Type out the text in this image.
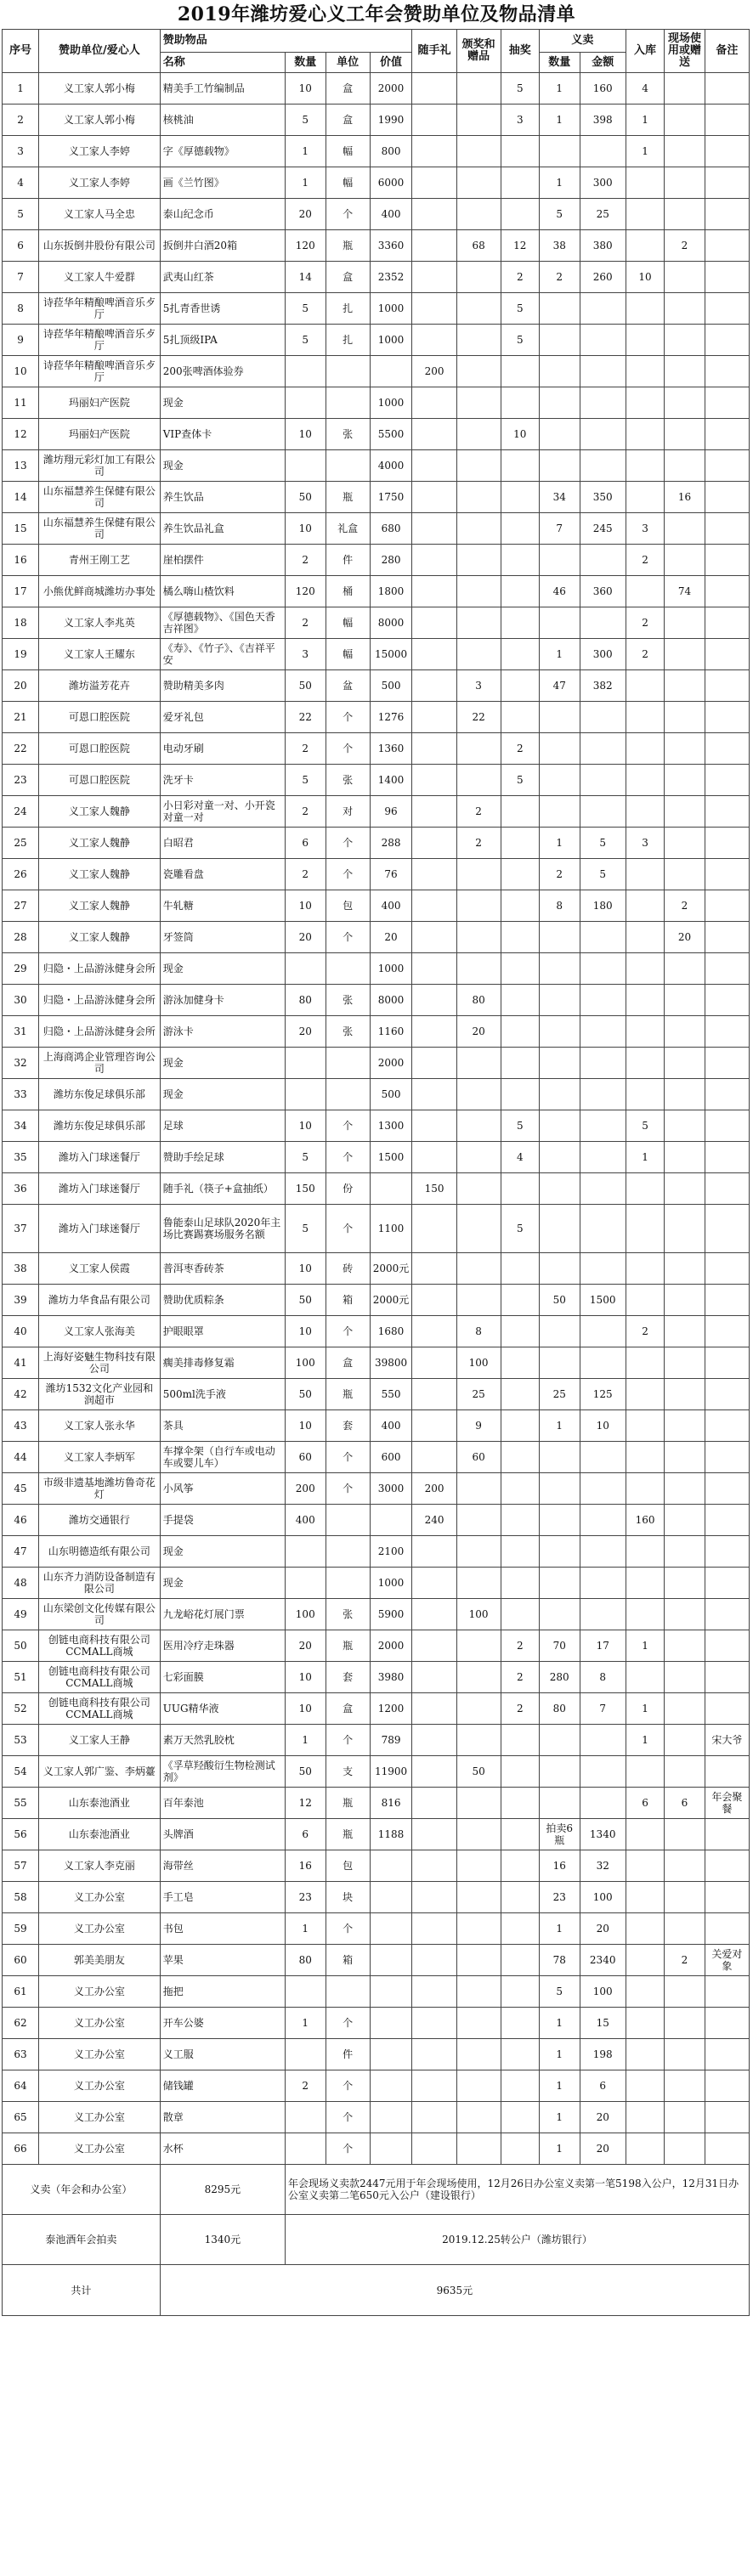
2019年潍坊爱心义工年会赞助单位及物品清单
序号	赞助单位/爱心人	赞助物品				随手礼	颁奖和赠品	抽奖	义卖		入库	现场使用或赠送	备注
		名称	数量	单位	价值				数量	金额			
1	义工家人郭小梅	精美手工竹编制品	10	盒	2000			5	1	160	4		
2	义工家人郭小梅	核桃油	5	盒	1990			3	1	398	1		
3	义工家人李婷	字《厚德载物》	1	幅	800						1		
4	义工家人李婷	画《兰竹图》	1	幅	6000				1	300			
5	义工家人马全忠	泰山纪念币	20	个	400				5	25			
6	山东扳倒井股份有限公司	扳倒井白酒20箱	120	瓶	3360		68	12	38	380		2	
7	义工家人牛爱群	武夷山红茶	14	盒	2352			2	2	260	10		
8	诗菈华年精酿啤酒音乐歺厅	5扎青香世诱	5	扎	1000			5					
9	诗菈华年精酿啤酒音乐歺厅	5扎顶级IPA	5	扎	1000			5					
10	诗菈华年精酿啤酒音乐歺厅	200张啤酒体验券				200							
11	玛丽妇产医院	现金			1000								
12	玛丽妇产医院	VIP查体卡	10	张	5500			10					
13	潍坊翔元彩灯加工有限公司	现金			4000								
14	山东福慧养生保健有限公司	养生饮品	50	瓶	1750				34	350		16	
15	山东福慧养生保健有限公司	养生饮品礼盒	10	礼盒	680				7	245	3		
16	青州王刚工艺	崖柏摆件	2	件	280						2		
17	小熊优鲜商城潍坊办事处	橘么嗨山楂饮料	120	桶	1800				46	360		74	
18	义工家人李兆英	《厚德载物》、《国色天香吉祥图》	2	幅	8000						2		
19	义工家人王耀东	《寿》、《竹子》、《吉祥平安	3	幅	15000				1	300	2		
20	潍坊溢芳花卉	赞助精美多肉	50	盆	500		3		47	382			
21	可恩口腔医院	爱牙礼包	22	个	1276		22						
22	可恩口腔医院	电动牙刷	2	个	1360			2					
23	可恩口腔医院	洗牙卡	5	张	1400			5					
24	义工家人魏静	小日彩对童一对、小开瓷对童一对	2	对	96		2						
25	义工家人魏静	白昭君	6	个	288		2		1	5	3		
26	义工家人魏静	瓷雕看盘	2	个	76				2	5			
27	义工家人魏静	牛轧糖	10	包	400				8	180		2	
28	义工家人魏静	牙签筒	20	个	20							20	
29	归隐・上品游泳健身会所	现金			1000								
30	归隐・上品游泳健身会所	游泳加健身卡	80	张	8000		80						
31	归隐・上品游泳健身会所	游泳卡	20	张	1160		20						
32	上海商鸿企业管理咨询公司	现金			2000								
33	潍坊东俊足球俱乐部	现金			500								
34	潍坊东俊足球俱乐部	足球	10	个	1300			5			5		
35	潍坊入门球迷餐厅	赞助手绘足球	5	个	1500			4			1		
36	潍坊入门球迷餐厅	随手礼（筷子+盒抽纸）	150	份		150							
37	潍坊入门球迷餐厅	鲁能泰山足球队2020年主场比赛踢赛场服务名额	5	个	1100			5					
38	义工家人侯霞	普洱枣香砖茶	10	砖	2000元								
39	潍坊力华食品有限公司	赞助优质粽条	50	箱	2000元				50	1500			
40	义工家人张海美	护眼眼罩	10	个	1680		8				2		
41	上海好姿魅生物科技有限公司	瘸美排毒修复霜	100	盒	39800		100						
42	潍坊1532文化产业园和润超市	500ml洗手液	50	瓶	550		25		25	125			
43	义工家人张永华	茶具	10	套	400		9		1	10			
44	义工家人李炳军	车撑伞架（自行车或电动车或婴儿车）	60	个	600		60						
45	市级非遗基地潍坊鲁奇花灯	小风筝	200	个	3000	200							
46	潍坊交通银行	手提袋	400			240					160		
47	山东明德造纸有限公司	现金			2100								
48	山东齐力消防设备制造有限公司	现金			1000								
49	山东梁创文化传媒有限公司	九龙峪花灯展门票	100	张	5900		100						
50	创链电商科技有限公司CCMALL商城	医用冷疗走珠器	20	瓶	2000			2	70	17	1		
51	创链电商科技有限公司CCMALL商城	七彩面膜	10	套	3980			2	280	8			
52	创链电商科技有限公司CCMALL商城	UUG精华液	10	盒	1200			2	80	7	1		
53	义工家人王静	素万天然乳胶枕	1	个	789						1		宋大爷
54	义工家人郭广鉴、李炳薹	《孚草羟酸衍生物检测试剂》	50	支	11900		50						
55	山东泰池酒业	百年泰池	12	瓶	816						6	6	年会聚餐
56	山东泰池酒业	头牌酒	6	瓶	1188				拍卖6瓶	1340			
57	义工家人李克丽	海带丝	16	包					16	32			
58	义工办公室	手工皂	23	块					23	100			
59	义工办公室	书包	1	个					1	20			
60	郭美美朋友	苹果	80	箱					78	2340		2	关爱对象
61	义工办公室	拖把							5	100			
62	义工办公室	开车公婆	1	个					1	15			
63	义工办公室	义工服		件					1	198			
64	义工办公室	储钱罐	2	个					1	6			
65	义工办公室	散章		个					1	20			
66	义工办公室	水杯		个					1	20			
义卖（年会和办公室）		8295元	年会现场义卖款2447元用于年会现场使用，12月26日办公室义卖第一笔5198入公户，12月31日办公室义卖第二笔650元入公户（建设银行）										
泰池酒年会拍卖		1340元	2019.12.25转公户（潍坊银行）										
共计		9635元											
